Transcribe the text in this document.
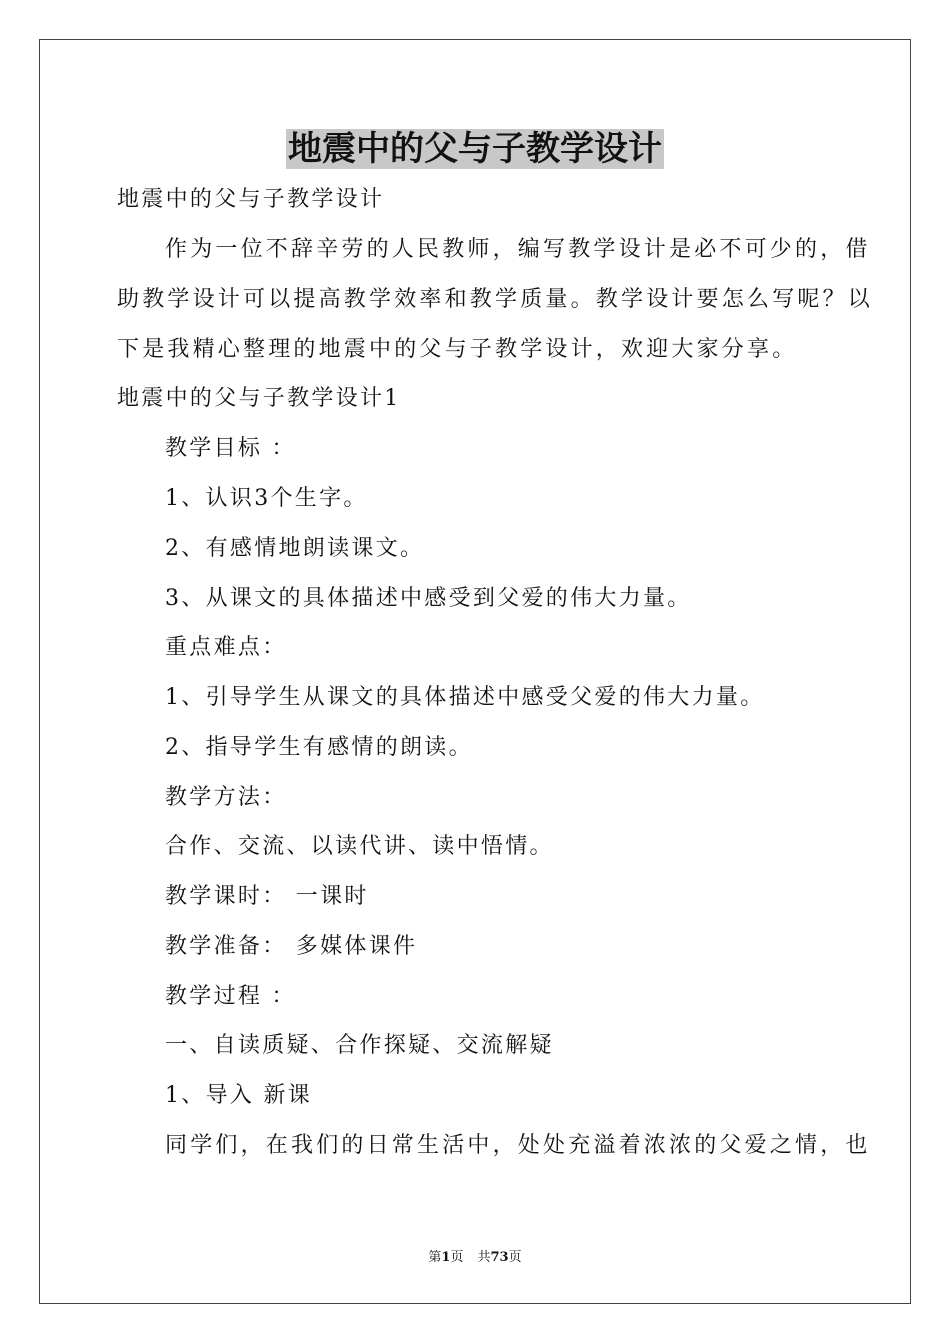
地震中的父与子教学设计
地震中的父与子教学设计
作为一位不辞辛劳的人民教师，编写教学设计是必不可少的，借
助教学设计可以提高教学效率和教学质量。教学设计要怎么写呢？以
下是我精心整理的地震中的父与子教学设计，欢迎大家分享。
地震中的父与子教学设计1
教学目标 ：
1、认识3个生字。
2、有感情地朗读课文。
3、从课文的具体描述中感受到父爱的伟大力量。
重点难点：
1、引导学生从课文的具体描述中感受父爱的伟大力量。
2、指导学生有感情的朗读。
教学方法：
合作、交流、以读代讲、读中悟情。
教学课时： 一课时
教学准备： 多媒体课件
教学过程 ：
一、自读质疑、合作探疑、交流解疑
1、导入 新课
同学们，在我们的日常生活中，处处充溢着浓浓的父爱之情，也
第1页 共73页
